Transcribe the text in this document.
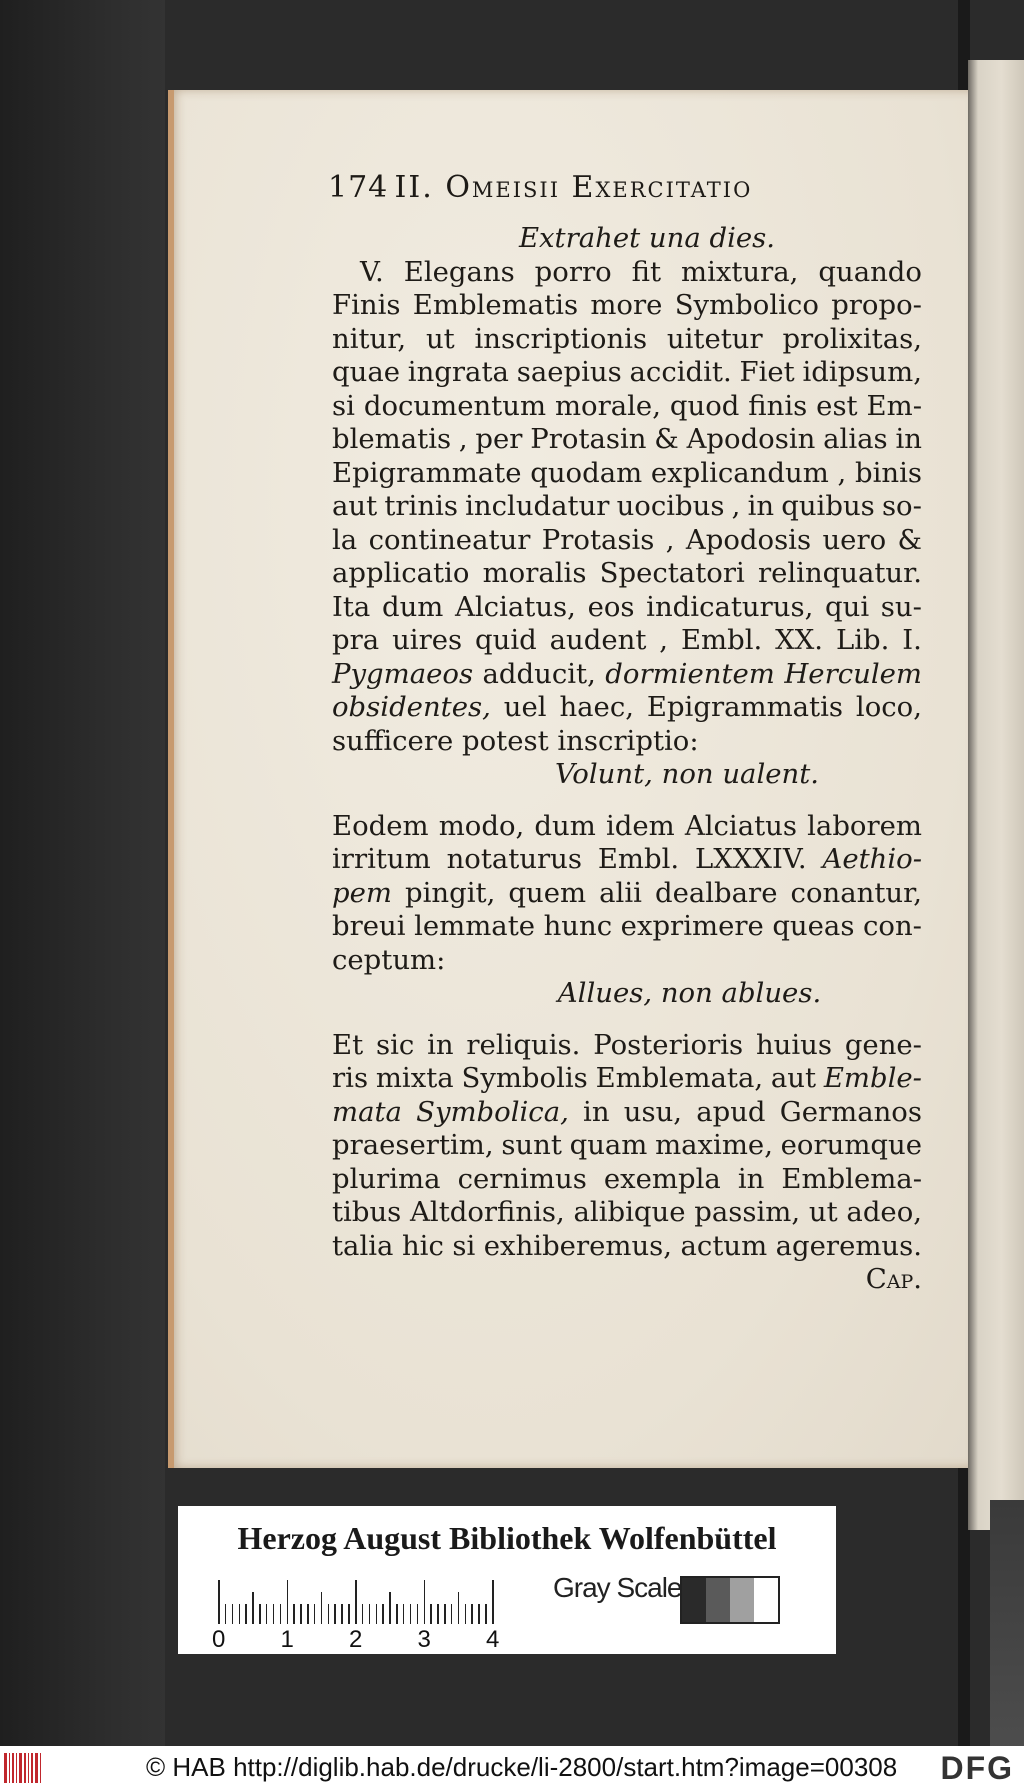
174 II. Omeisii Exercitatio
Extrahet una dies.
V. Elegans porro fit mixtura, quando
Finis Emblematis more Symbolico propo-
nitur, ut inscriptionis uitetur prolixitas,
quae ingrata saepius accidit. Fiet idipsum,
si documentum morale, quod finis est Em-
blematis , per Protasin & Apodosin alias in
Epigrammate quodam explicandum , binis
aut trinis includatur uocibus , in quibus so-
la contineatur Protasis , Apodosis uero &
applicatio moralis Spectatori relinquatur.
Ita dum Alciatus, eos indicaturus, qui su-
pra uires quid audent , Embl. XX. Lib. I.
Pygmaeos adducit, dormientem Herculem
obsidentes, uel haec, Epigrammatis loco,
sufficere potest inscriptio:
Volunt, non ualent.
Eodem modo, dum idem Alciatus laborem
irritum notaturus Embl. LXXXIV. Aethio-
pem pingit, quem alii dealbare conantur,
breui lemmate hunc exprimere queas con-
ceptum:
Allues, non ablues.
Et sic in reliquis. Posterioris huius gene-
ris mixta Symbolis Emblemata, aut Emble-
mata Symbolica, in usu, apud Germanos
praesertim, sunt quam maxime, eorumque
plurima cernimus exempla in Emblema-
tibus Altdorfinis, alibique passim, ut adeo,
talia hic si exhiberemus, actum ageremus.
Cap.
Herzog August Bibliothek Wolfenbüttel
0 1 2 3 4
Gray Scale
© HAB http://diglib.hab.de/drucke/li-2800/start.htm?image=00308 DFG
